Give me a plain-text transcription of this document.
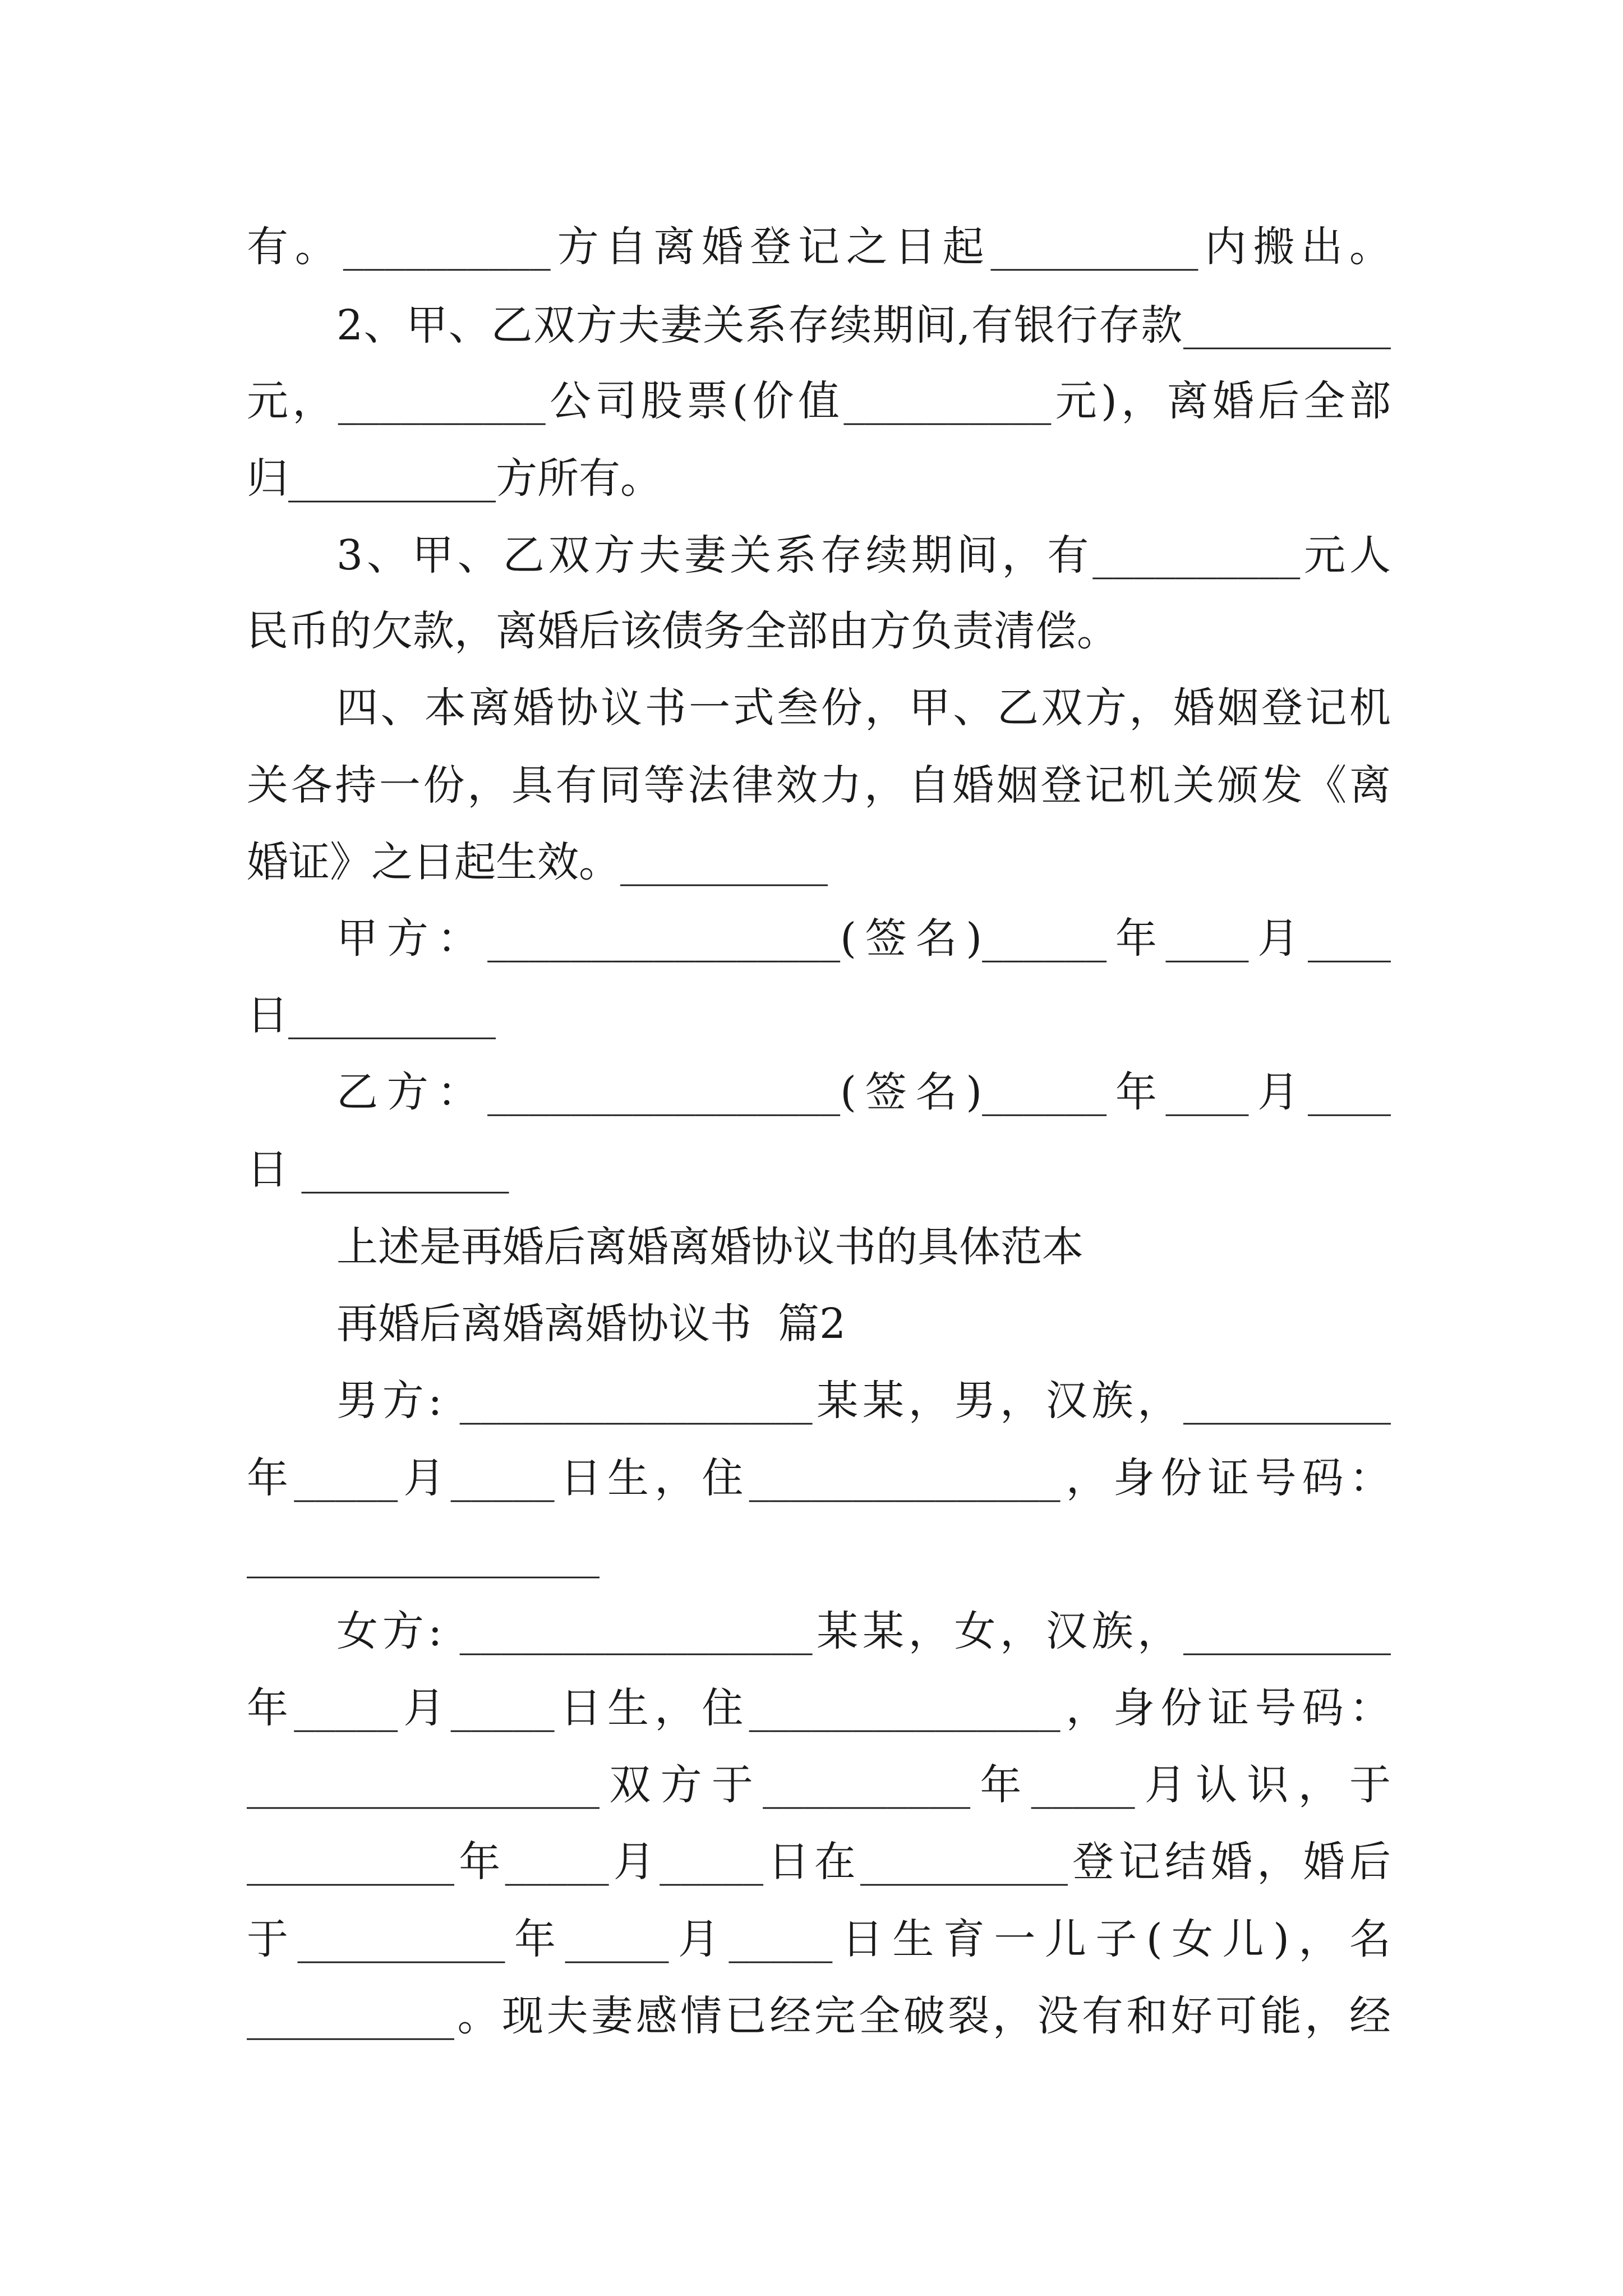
有。__________方自离婚登记之日起__________内搬出。
2、甲、乙双方夫妻关系存续期间,有银行存款__________
元，__________公司股票(价值__________元)，离婚后全部
归__________方所有。
3、甲、乙双方夫妻关系存续期间，有__________元人
民币的欠款，离婚后该债务全部由方负责清偿。
四、本离婚协议书一式叁份，甲、乙双方，婚姻登记机
关各持一份，具有同等法律效力，自婚姻登记机关颁发《离
婚证》之日起生效。__________
甲方：_________________(签名)______年____月____
日__________
乙方：_________________(签名)______年____月____
日 __________
上述是再婚后离婚离婚协议书的具体范本
再婚后离婚离婚协议书  篇2
男方: _________________某某，男，汉族，__________
年_____月_____日生，住_______________，身份证号码：
_________________
女方: _________________某某，女，汉族，__________
年_____月_____日生，住_______________，身份证号码：
_________________双方于__________年_____月认识，于
__________年_____月_____日在__________登记结婚，婚后
于__________年_____月_____日生育一儿子(女儿)，名
__________。现夫妻感情已经完全破裂，没有和好可能，经
